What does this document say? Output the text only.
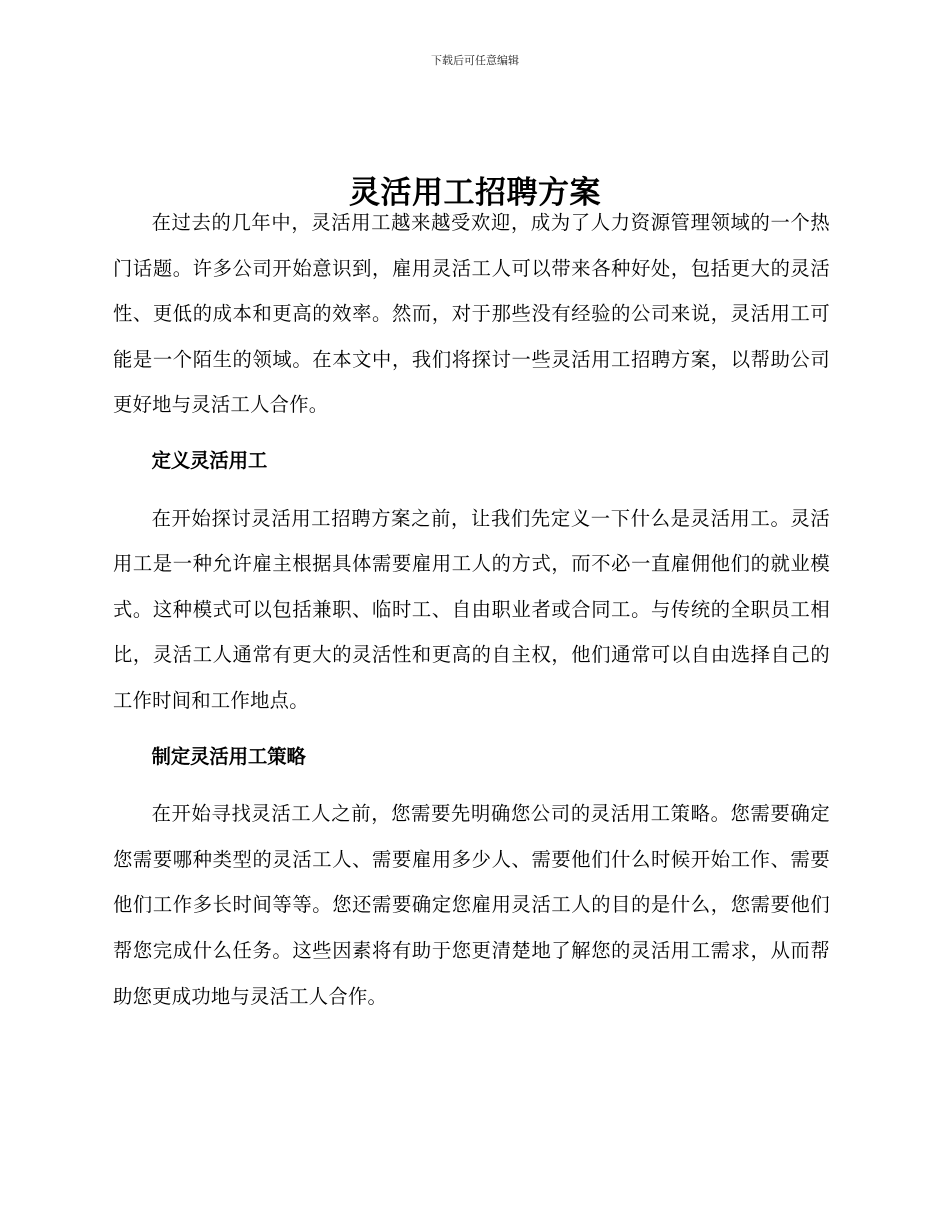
下载后可任意编辑
灵活用工招聘方案

在过去的几年中，灵活用工越来越受欢迎，成为了人力资源管理领域的一个热门话题。许多公司开始意识到，雇用灵活工人可以带来各种好处，包括更大的灵活性、更低的成本和更高的效率。然而，对于那些没有经验的公司来说，灵活用工可能是一个陌生的领域。在本文中，我们将探讨一些灵活用工招聘方案，以帮助公司更好地与灵活工人合作。

定义灵活用工

在开始探讨灵活用工招聘方案之前，让我们先定义一下什么是灵活用工。灵活用工是一种允许雇主根据具体需要雇用工人的方式，而不必一直雇佣他们的就业模式。这种模式可以包括兼职、临时工、自由职业者或合同工。与传统的全职员工相比，灵活工人通常有更大的灵活性和更高的自主权，他们通常可以自由选择自己的工作时间和工作地点。

制定灵活用工策略

在开始寻找灵活工人之前，您需要先明确您公司的灵活用工策略。您需要确定您需要哪种类型的灵活工人、需要雇用多少人、需要他们什么时候开始工作、需要他们工作多长时间等等。您还需要确定您雇用灵活工人的目的是什么，您需要他们帮您完成什么任务。这些因素将有助于您更清楚地了解您的灵活用工需求，从而帮助您更成功地与灵活工人合作。
